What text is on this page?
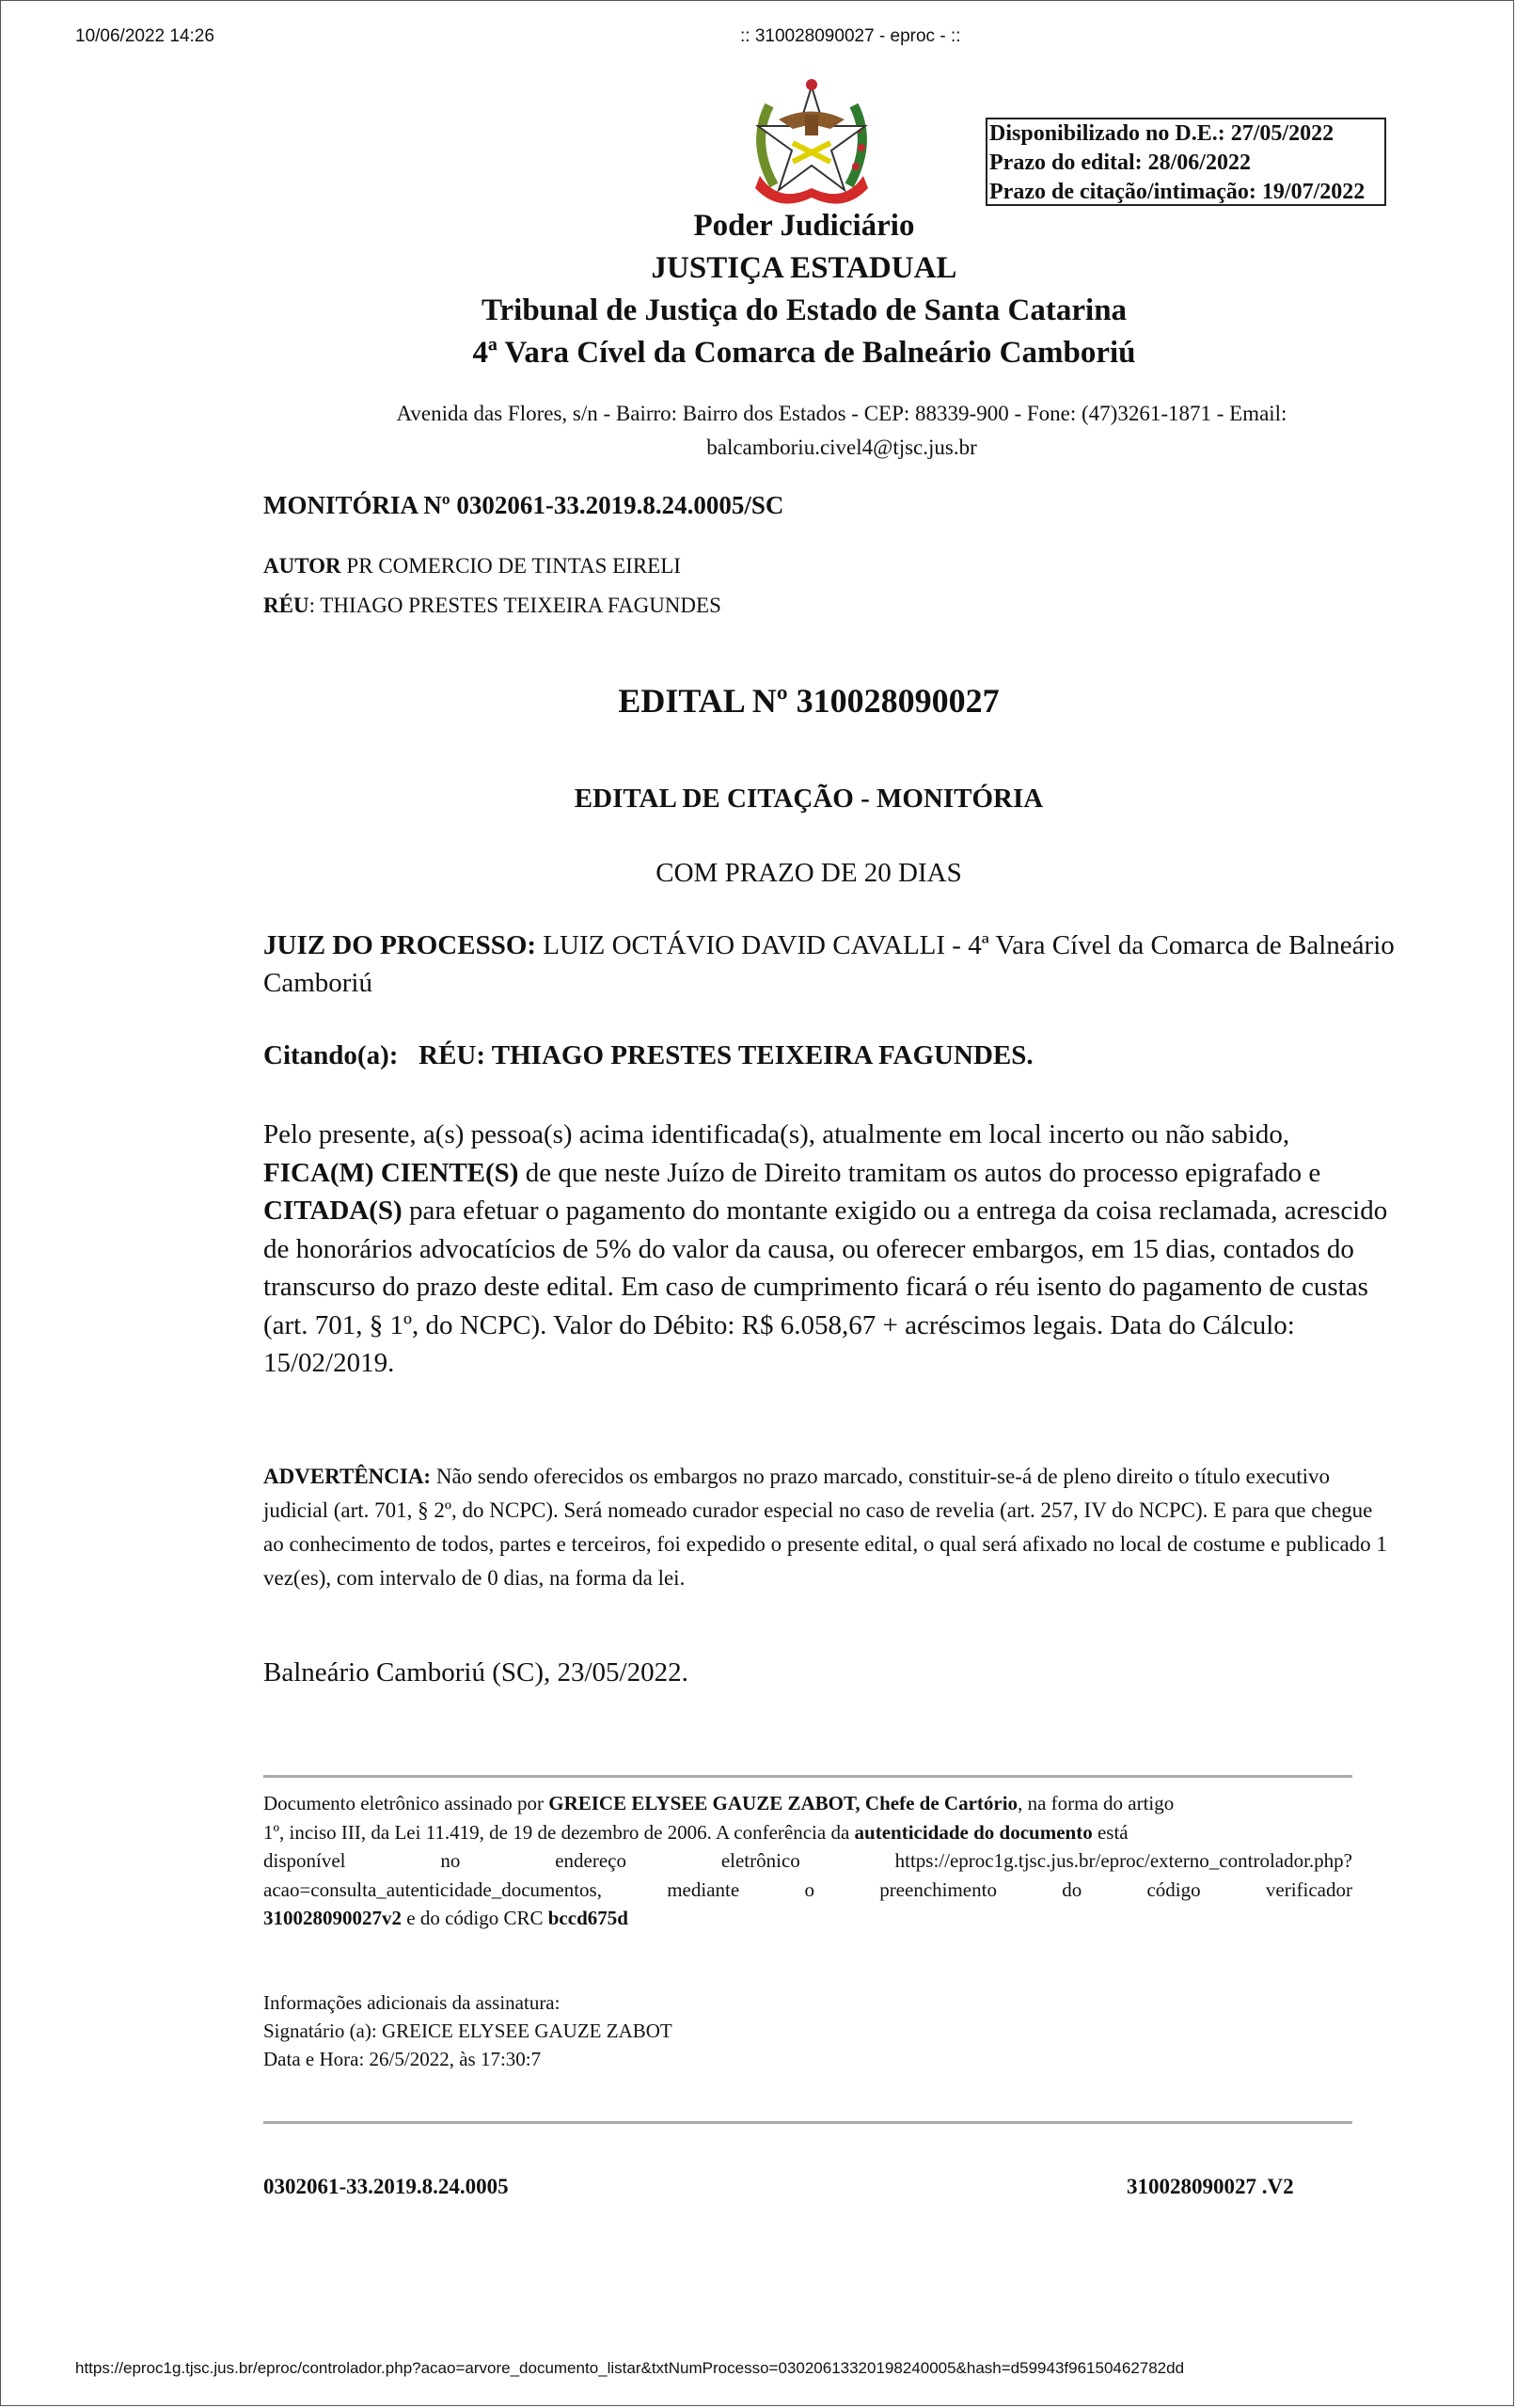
10/06/2022 14:26	:: 310028090027 - eproc - ::
Disponibilizado no D.E.: 27/05/2022
Prazo do edital: 28/06/2022
Prazo de citação/intimação: 19/07/2022
Poder Judiciário
JUSTIÇA ESTADUAL
Tribunal de Justiça do Estado de Santa Catarina
4ª Vara Cível da Comarca de Balneário Camboriú
Avenida das Flores, s/n - Bairro: Bairro dos Estados - CEP: 88339-900 - Fone: (47)3261-1871 - Email:
balcamboriu.civel4@tjsc.jus.br
MONITÓRIA Nº 0302061-33.2019.8.24.0005/SC
AUTOR PR COMERCIO DE TINTAS EIRELI
RÉU: THIAGO PRESTES TEIXEIRA FAGUNDES
EDITAL Nº 310028090027
EDITAL DE CITAÇÃO - MONITÓRIA
COM PRAZO DE 20 DIAS
JUIZ DO PROCESSO: LUIZ OCTÁVIO DAVID CAVALLI - 4ª Vara Cível da Comarca de Balneário Camboriú
Citando(a): RÉU: THIAGO PRESTES TEIXEIRA FAGUNDES.
Pelo presente, a(s) pessoa(s) acima identificada(s), atualmente em local incerto ou não sabido, FICA(M) CIENTE(S) de que neste Juízo de Direito tramitam os autos do processo epigrafado e CITADA(S) para efetuar o pagamento do montante exigido ou a entrega da coisa reclamada, acrescido de honorários advocatícios de 5% do valor da causa, ou oferecer embargos, em 15 dias, contados do transcurso do prazo deste edital. Em caso de cumprimento ficará o réu isento do pagamento de custas (art. 701, § 1º, do NCPC). Valor do Débito: R$ 6.058,67 + acréscimos legais. Data do Cálculo: 15/02/2019.
ADVERTÊNCIA: Não sendo oferecidos os embargos no prazo marcado, constituir-se-á de pleno direito o título executivo judicial (art. 701, § 2º, do NCPC). Será nomeado curador especial no caso de revelia (art. 257, IV do NCPC). E para que chegue ao conhecimento de todos, partes e terceiros, foi expedido o presente edital, o qual será afixado no local de costume e publicado 1 vez(es), com intervalo de 0 dias, na forma da lei.
Balneário Camboriú (SC), 23/05/2022.
Documento eletrônico assinado por GREICE ELYSEE GAUZE ZABOT, Chefe de Cartório, na forma do artigo
1º, inciso III, da Lei 11.419, de 19 de dezembro de 2006. A conferência da autenticidade do documento está
disponível	no	endereço	eletrônico	https://eproc1g.tjsc.jus.br/eproc/externo_controlador.php?
acao=consulta_autenticidade_documentos,	mediante	o	preenchimento	do	código	verificador
310028090027v2 e do código CRC bccd675d
Informações adicionais da assinatura:
Signatário (a): GREICE ELYSEE GAUZE ZABOT
Data e Hora: 26/5/2022, às 17:30:7
0302061-33.2019.8.24.0005	310028090027 .V2
https://eproc1g.tjsc.jus.br/eproc/controlador.php?acao=arvore_documento_listar&txtNumProcesso=03020613320198240005&hash=d59943f96150462782dd
